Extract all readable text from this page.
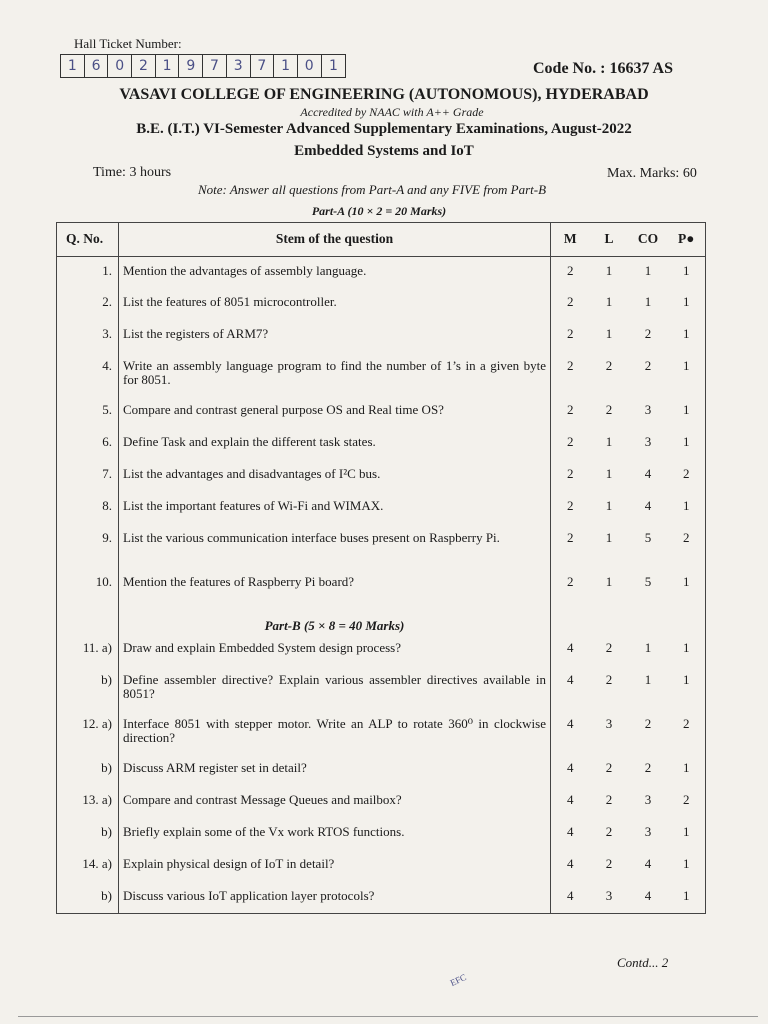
Hall Ticket Number:
1	6	0	2	1	9	7	3	7	1	0	1	Code No. : 16637 AS
VASAVI COLLEGE OF ENGINEERING (AUTONOMOUS), HYDERABAD
Accredited by NAAC with A++ Grade
B.E. (I.T.) VI-Semester Advanced Supplementary Examinations, August-2022
Embedded Systems and IoT
Time: 3 hours	Max. Marks: 60
Note: Answer all questions from Part-A and any FIVE from Part-B
Part-A (10 × 2 = 20 Marks)
Q. No.	Stem of the question	M	L	CO	P●
1.	Mention the advantages of assembly language.	2	1	1	1
2.	List the features of 8051 microcontroller.	2	1	1	1
3.	List the registers of ARM7?	2	1	2	1
4.	Write an assembly language program to find the number of 1’s in a given byte for 8051.	2	2	2	1
5.	Compare and contrast general purpose OS and Real time OS?	2	2	3	1
6.	Define Task and explain the different task states.	2	1	3	1
7.	List the advantages and disadvantages of I²C bus.	2	1	4	2
8.	List the important features of Wi-Fi and WIMAX.	2	1	4	1
9.	List the various communication interface buses present on Raspberry Pi.	2	1	5	2
10.	Mention the features of Raspberry Pi board?	2	1	5	1
	Part-B (5 × 8 = 40 Marks)				
11. a)	Draw and explain Embedded System design process?	4	2	1	1
b)	Define assembler directive? Explain various assembler directives available in 8051?	4	2	1	1
12. a)	Interface 8051 with stepper motor. Write an ALP to rotate 360⁰ in clockwise direction?	4	3	2	2
b)	Discuss ARM register set in detail?	4	2	2	1
13. a)	Compare and contrast Message Queues and mailbox?	4	2	3	2
b)	Briefly explain some of the Vx work RTOS functions.	4	2	3	1
14. a)	Explain physical design of IoT in detail?	4	2	4	1
b)	Discuss various IoT application layer protocols?	4	3	4	1
Contd... 2
EFC
